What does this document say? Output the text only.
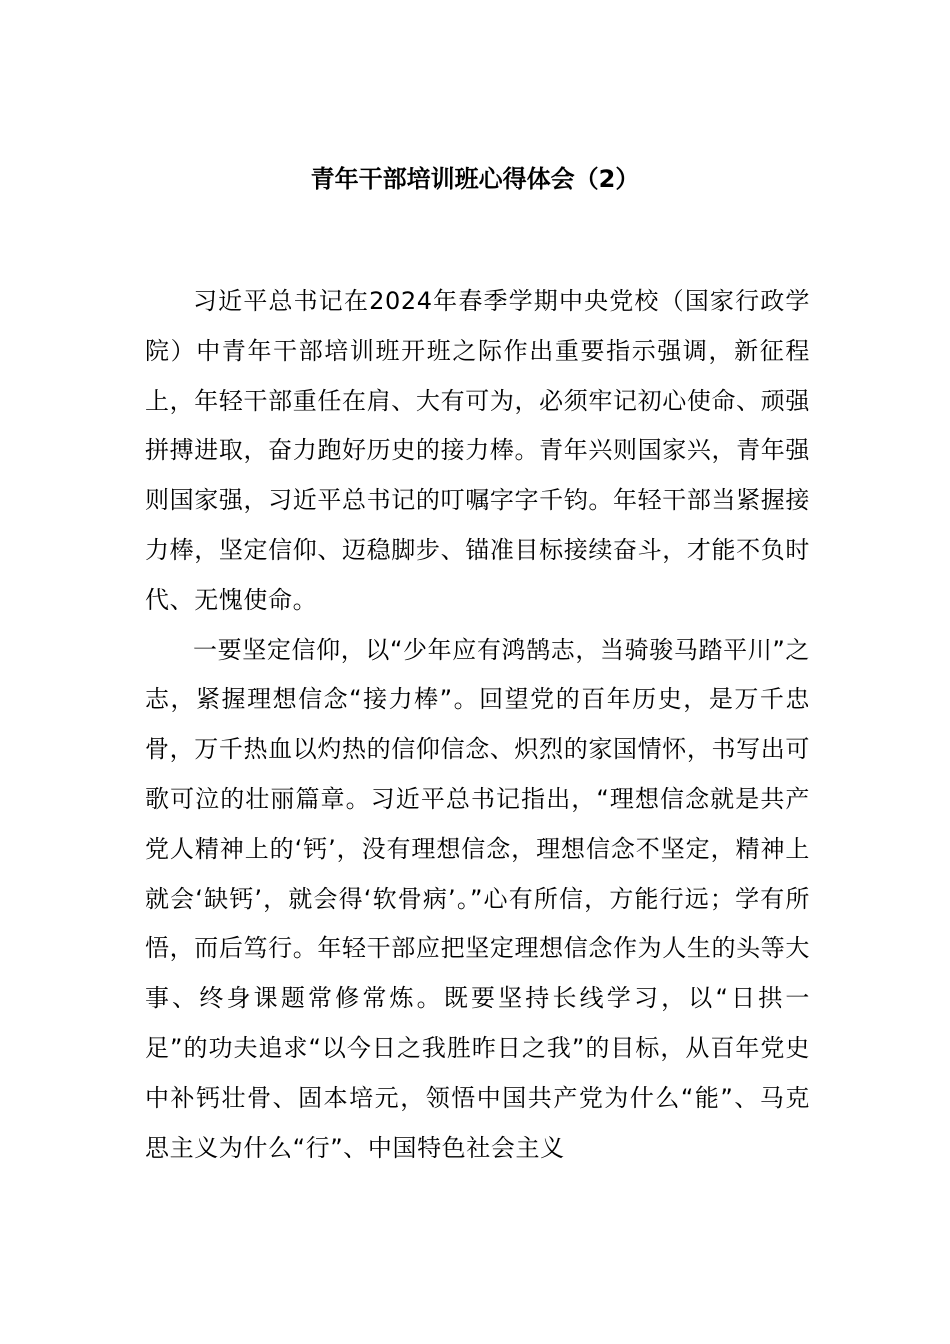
青年干部培训班心得体会（2）

习近平总书记在2024年春季学期中央党校（国家行政学院）中青年干部培训班开班之际作出重要指示强调，新征程上，年轻干部重任在肩、大有可为，必须牢记初心使命、顽强拼搏进取，奋力跑好历史的接力棒。青年兴则国家兴，青年强则国家强，习近平总书记的叮嘱字字千钧。年轻干部当紧握接力棒，坚定信仰、迈稳脚步、锚准目标接续奋斗，才能不负时代、无愧使命。

一要坚定信仰，以“少年应有鸿鹄志，当骑骏马踏平川”之志，紧握理想信念“接力棒”。回望党的百年历史，是万千忠骨，万千热血以灼热的信仰信念、炽烈的家国情怀，书写出可歌可泣的壮丽篇章。习近平总书记指出，“理想信念就是共产党人精神上的‘钙’，没有理想信念，理想信念不坚定，精神上就会‘缺钙’，就会得‘软骨病’。”心有所信，方能行远；学有所悟，而后笃行。年轻干部应把坚定理想信念作为人生的头等大事、终身课题常修常炼。既要坚持长线学习，以“日拱一足”的功夫追求“以今日之我胜昨日之我”的目标，从百年党史中补钙壮骨、固本培元，领悟中国共产党为什么“能”、马克思主义为什么“行”、中国特色社会主义
